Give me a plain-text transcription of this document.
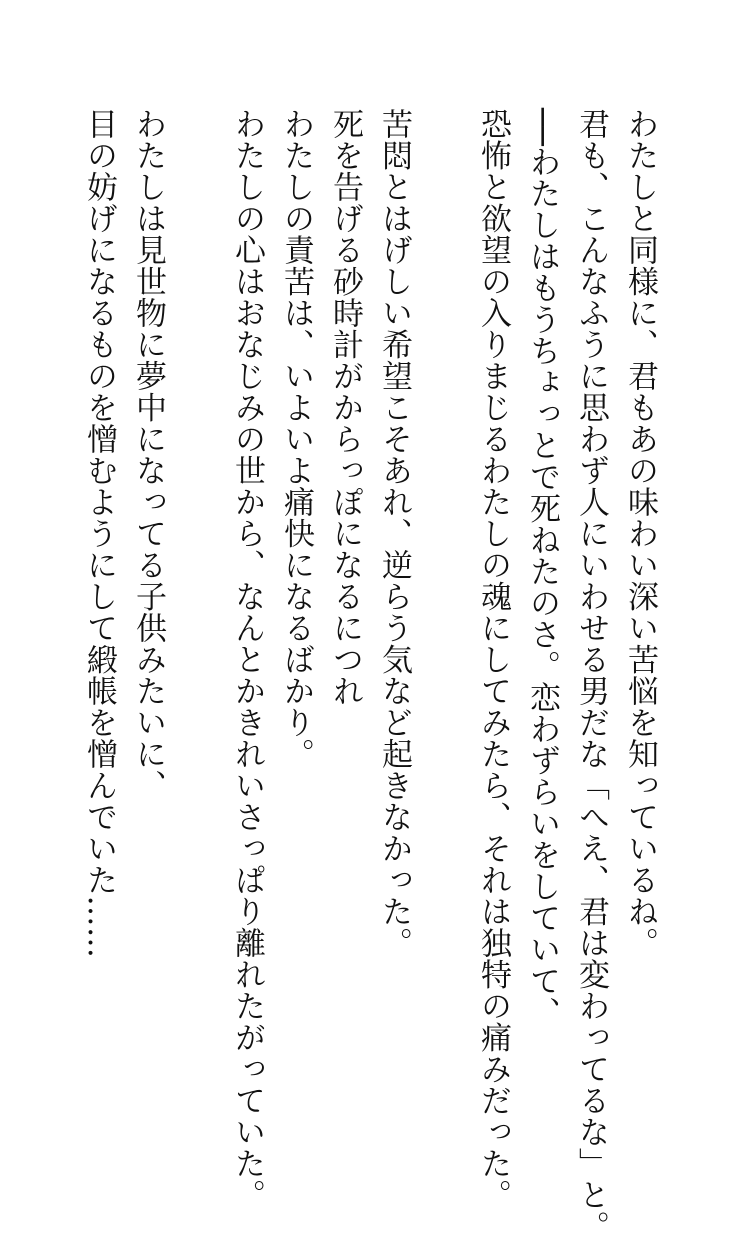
わたしと同様に、君もあの味わい深い苦悩を知っているね。
君も、こんなふうに思わず人にいわせる男だな「へえ、君は変わってるな」と。
──わたしはもうちょっとで死ねたのさ。恋わずらいをしていて、
恐怖と欲望の入りまじるわたしの魂にしてみたら、それは独特の痛みだった。
苦悶とはげしい希望こそあれ、逆らう気など起きなかった。
死を告げる砂時計がからっぽになるにつれ
わたしの責苦は、いよいよ痛快になるばかり。
わたしの心はおなじみの世から、なんとかきれいさっぱり離れたがっていた。
わたしは見世物に夢中になってる子供みたいに、
目の妨げになるものを憎むようにして緞帳を憎んでいた……
